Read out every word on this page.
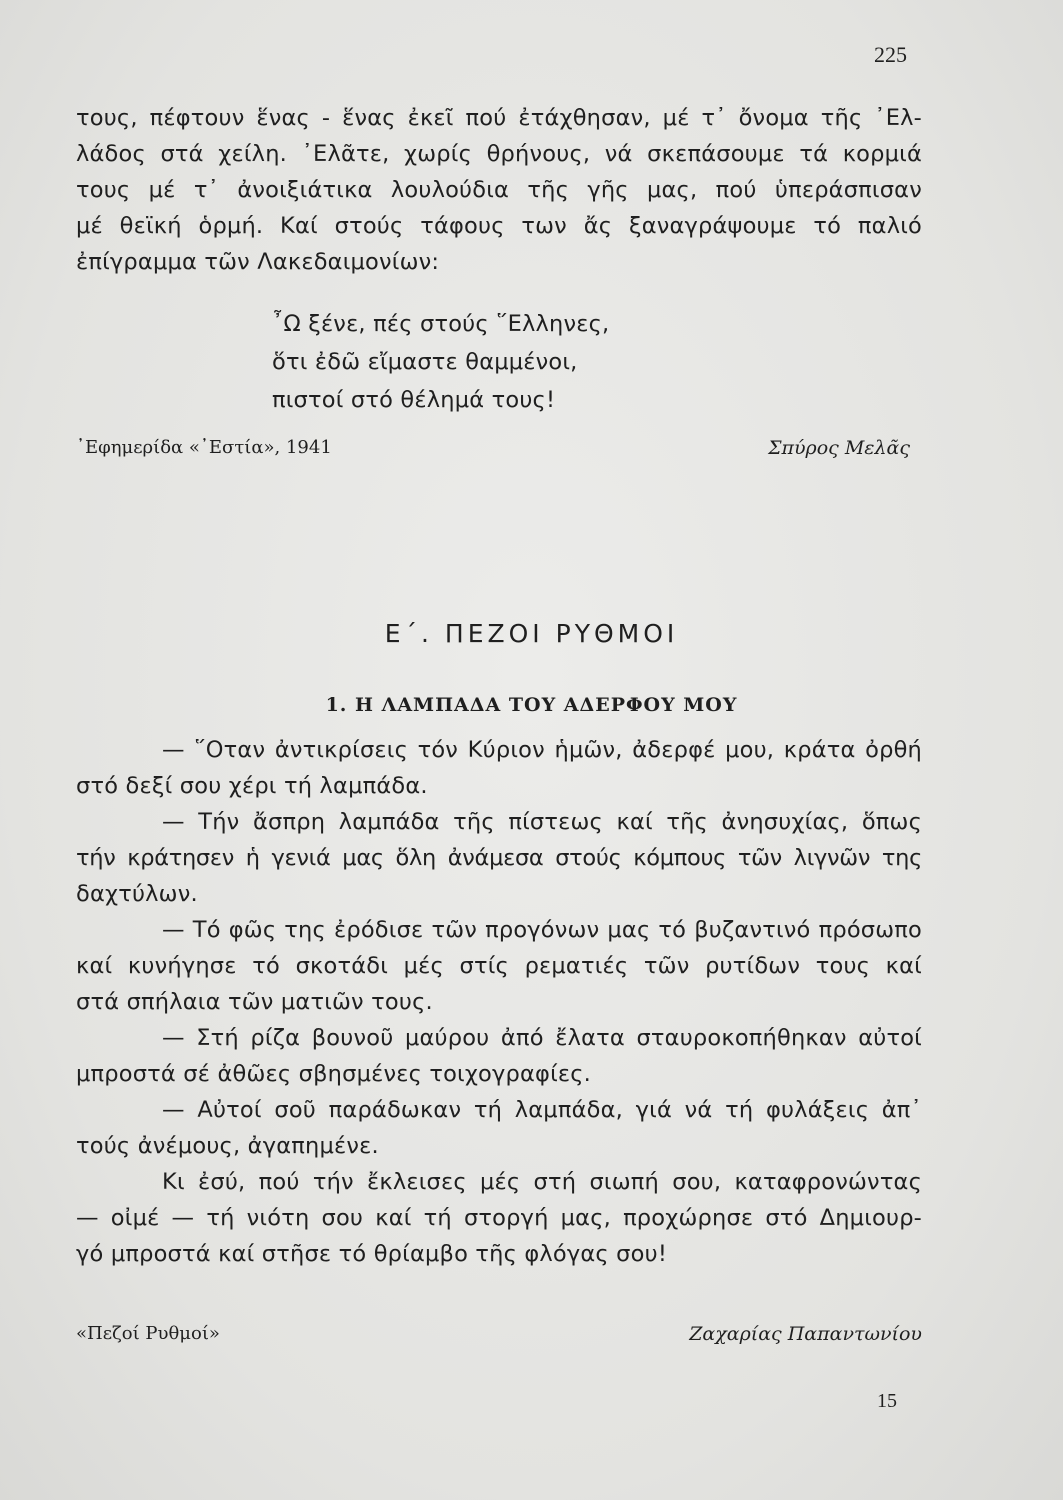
225
τους, πέφτουν ἕνας - ἕνας ἐκεῖ πού ἐτάχθησαν, μέ τ᾽ ὄνομα τῆς ᾽Ελ-
λάδος στά χείλη. ᾽Ελᾶτε, χωρίς θρήνους, νά σκεπάσουμε τά κορμιά
τους μέ τ᾽ ἀνοιξιάτικα λουλούδια τῆς γῆς μας, πού ὑπεράσπισαν
μέ θεϊκή ὁρμή. Καί στούς τάφους των ἄς ξαναγράψουμε τό παλιό
ἐπίγραμμα τῶν Λακεδαιμονίων:
῏Ω ξένε, πές στούς ῞Ελληνες,
ὅτι ἐδῶ εἴμαστε θαμμένοι,
πιστοί στό θέλημά τους!
᾽Εφημερίδα «᾽Εστία», 1941	Σπύρος Μελᾶς
Ε΄. ΠΕΖΟΙ ΡΥΘΜΟΙ
1. Η ΛΑΜΠΑΔΑ ΤΟΥ ΑΔΕΡΦΟΥ ΜΟΥ
— ῞Οταν ἀντικρίσεις τόν Κύριον ἡμῶν, ἀδερφέ μου, κράτα ὀρθή
στό δεξί σου χέρι τή λαμπάδα.
— Τήν ἄσπρη λαμπάδα τῆς πίστεως καί τῆς ἀνησυχίας, ὅπως
τήν κράτησεν ἡ γενιά μας ὅλη ἀνάμεσα στούς κόμπους τῶν λιγνῶν της
δαχτύλων.
— Τό φῶς της ἐρόδισε τῶν προγόνων μας τό βυζαντινό πρόσωπο
καί κυνήγησε τό σκοτάδι μές στίς ρεματιές τῶν ρυτίδων τους καί
στά σπήλαια τῶν ματιῶν τους.
— Στή ρίζα βουνοῦ μαύρου ἀπό ἔλατα σταυροκοπήθηκαν αὐτοί
μπροστά σέ ἀθῶες σβησμένες τοιχογραφίες.
— Αὐτοί σοῦ παράδωκαν τή λαμπάδα, γιά νά τή φυλάξεις ἀπ᾽
τούς ἀνέμους, ἀγαπημένε.
Κι ἐσύ, πού τήν ἔκλεισες μές στή σιωπή σου, καταφρονώντας
— οἰμέ — τή νιότη σου καί τή στοργή μας, προχώρησε στό Δημιουρ-
γό μπροστά καί στῆσε τό θρίαμβο τῆς φλόγας σου!
«Πεζοί Ρυθμοί»	Ζαχαρίας Παπαντωνίου
15
